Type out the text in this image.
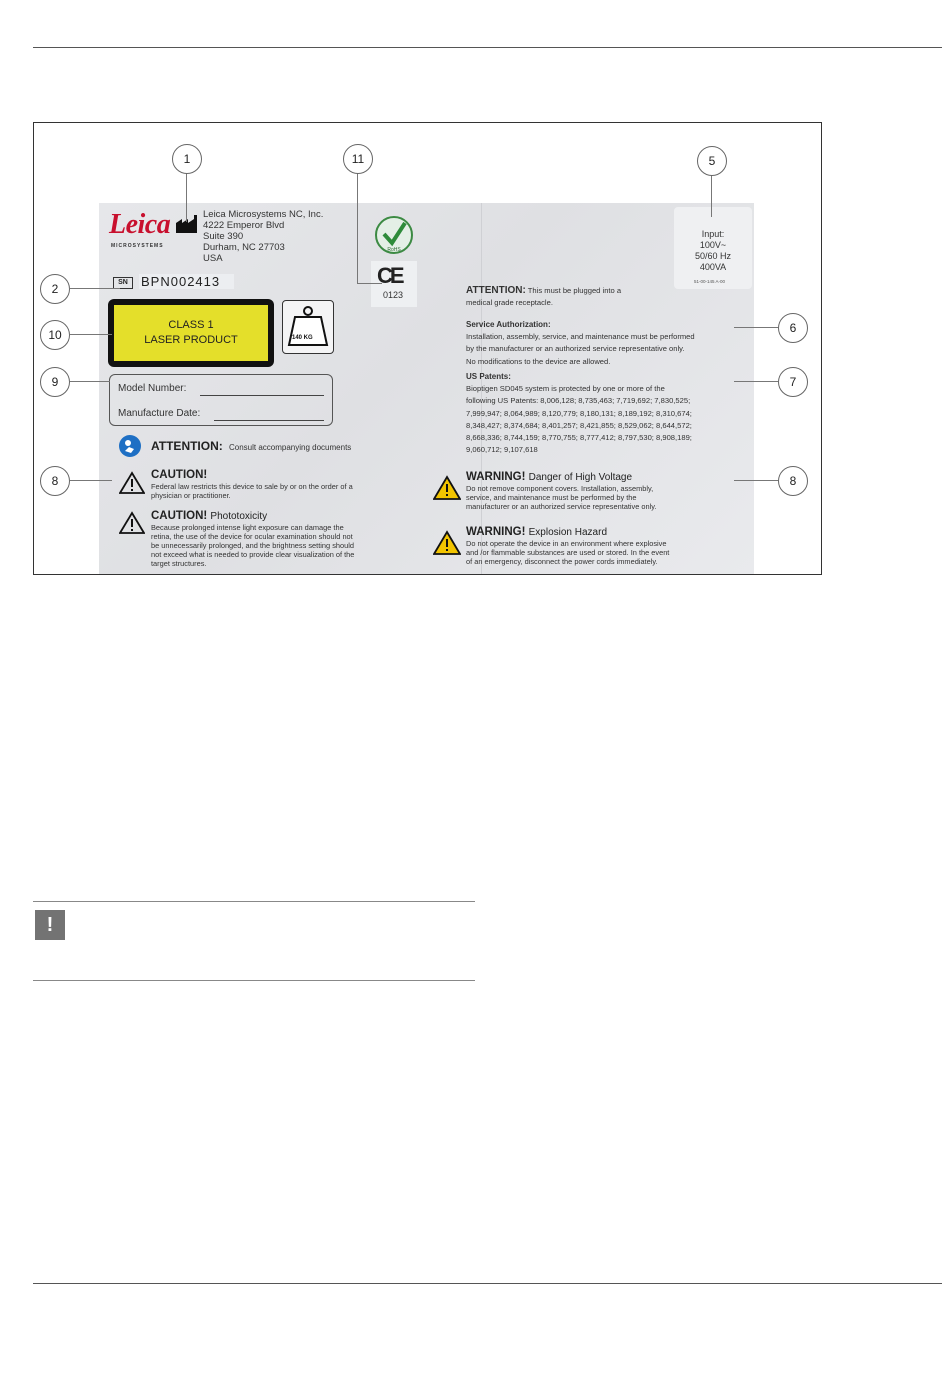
Leica
MICROSYSTEMS
Leica Microsystems NC, Inc.
4222 Emperor Blvd
Suite 390
Durham, NC 27703
USA
RoHS
CE
0123
Input:
100V~
50/60 Hz
400VA
51-00-145 A-00
SN	BPN002413
CLASS 1
LASER PRODUCT	140 KG
Model Number:
Manufacture Date:
ATTENTION: Consult accompanying documents
CAUTION!
Federal law restricts this device to sale by or on the order of a
physician or practitioner.
CAUTION! Phototoxicity
Because prolonged intense light exposure can damage the
retina, the use of the device for ocular examination should not
be unnecessarily prolonged, and the brightness setting should
not exceed what is needed to provide clear visualization of the
target structures.
ATTENTION: This must be plugged into a
medical grade receptacle.
Service Authorization:
Installation, assembly, service, and maintenance must be performed
by the manufacturer or an authorized service representative only.
No modifications to the device are allowed.
US Patents:
Bioptigen SD045 system is protected by one or more of the
following US Patents: 8,006,128; 8,735,463; 7,719,692; 7,830,525;
7,999,947; 8,064,989; 8,120,779; 8,180,131; 8,189,192; 8,310,674;
8,348,427; 8,374,684; 8,401,257; 8,421,855; 8,529,062; 8,644,572;
8,668,336; 8,744,159; 8,770,755; 8,777,412; 8,797,530; 8,908,189;
9,060,712; 9,107,618
WARNING! Danger of High Voltage
Do not remove component covers. Installation, assembly,
service, and maintenance must be performed by the
manufacturer or an authorized service representative only.
WARNING! Explosion Hazard
Do not operate the device in an environment where explosive
and /or flammable substances are used or stored. In the event
of an emergency, disconnect the power cords immediately.
1	11	5
2
10
9
8
6
7
8
!
